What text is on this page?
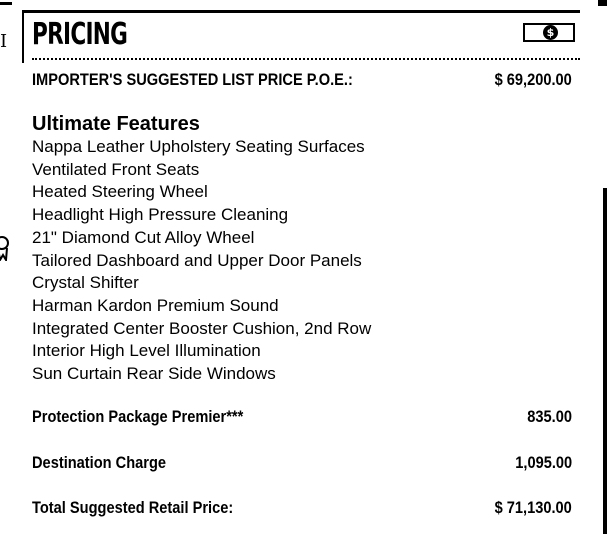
I PRICING	$
IMPORTER'S SUGGESTED LIST PRICE P.O.E.:	$ 69,200.00
Ultimate Features
Nappa Leather Upholstery Seating Surfaces
Ventilated Front Seats
Heated Steering Wheel
Headlight High Pressure Cleaning
21" Diamond Cut Alloy Wheel
Tailored Dashboard and Upper Door Panels
Crystal Shifter
Harman Kardon Premium Sound
Integrated Center Booster Cushion, 2nd Row
Interior High Level Illumination
Sun Curtain Rear Side Windows
Protection Package Premier***	835.00
Destination Charge	1,095.00
Total Suggested Retail Price:	$ 71,130.00
